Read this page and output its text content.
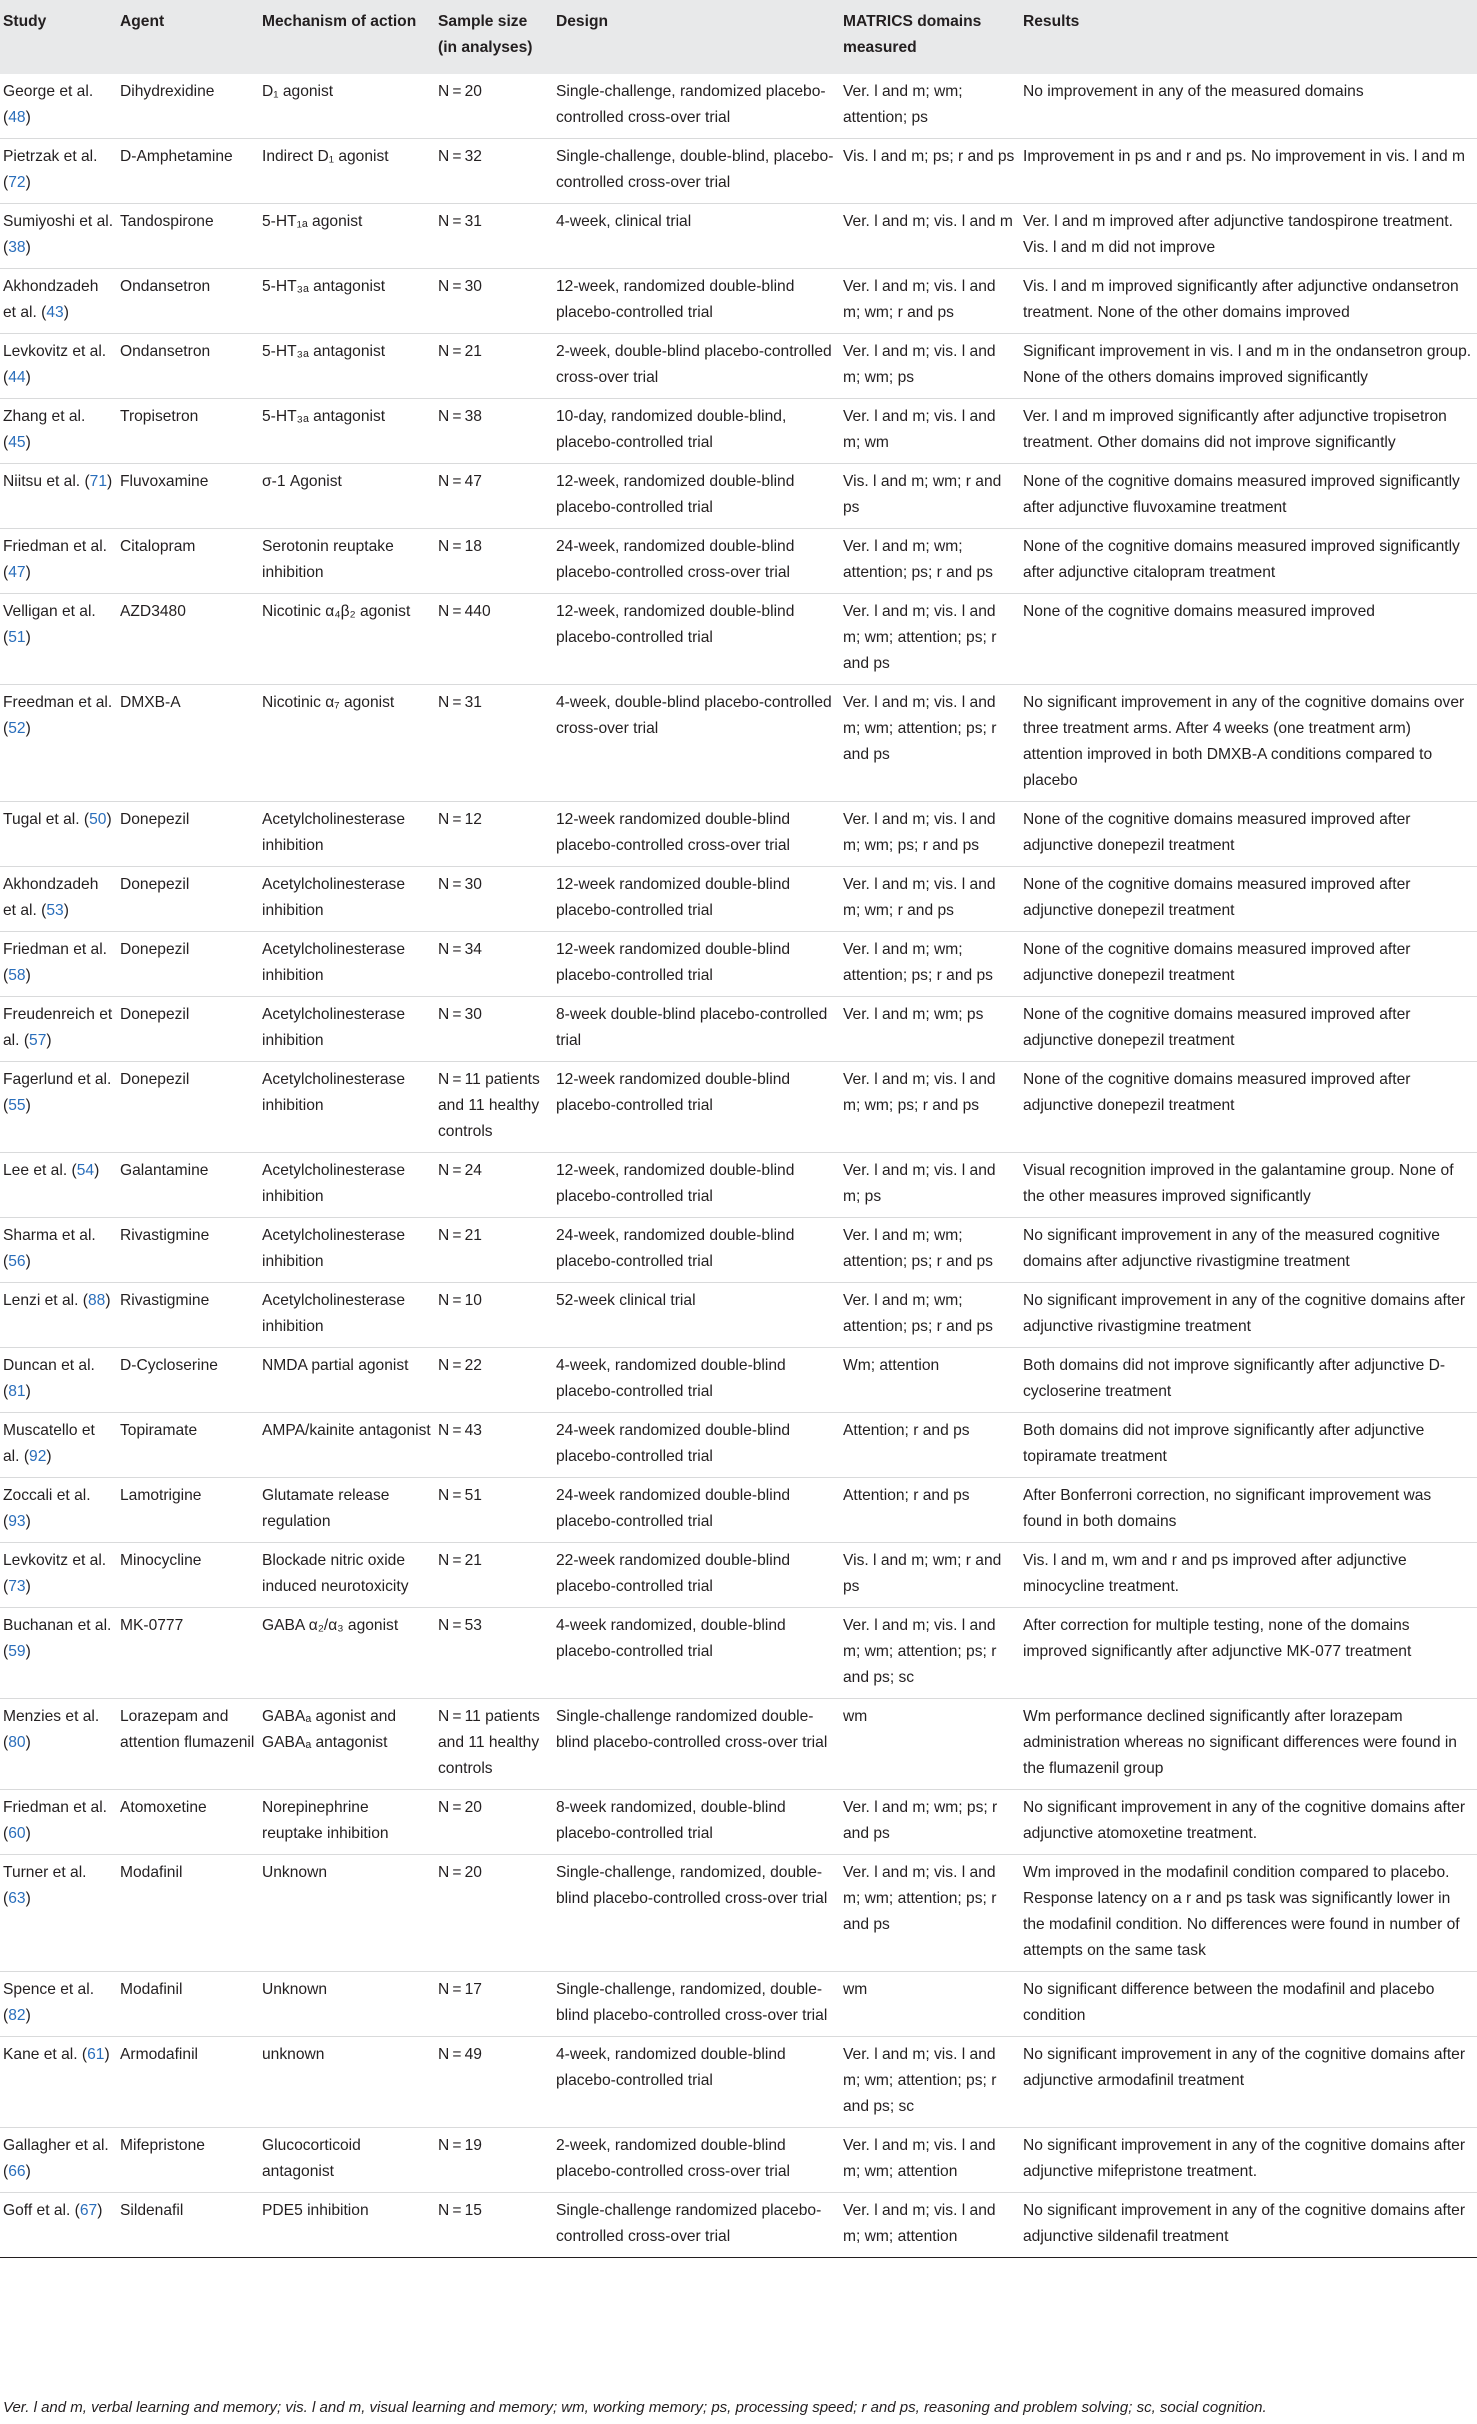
Study	Agent	Mechanism of action	Sample size (in analyses)	Design	MATRICS domains measured	Results
George et al. (48)	Dihydrexidine	D₁ agonist	N = 20	Single-challenge, randomized placebo-controlled cross-over trial	Ver. l and m; wm; attention; ps	No improvement in any of the measured domains
Pietrzak et al. (72)	D-Amphetamine	Indirect D₁ agonist	N = 32	Single-challenge, double-blind, placebo-controlled cross-over trial	Vis. l and m; ps; r and ps	Improvement in ps and r and ps. No improvement in vis. l and m
Sumiyoshi et al. (38)	Tandospirone	5-HT₁ₐ agonist	N = 31	4-week, clinical trial	Ver. l and m; vis. l and m	Ver. l and m improved after adjunctive tandospirone treatment. Vis. l and m did not improve
Akhondzadeh et al. (43)	Ondansetron	5-HT₃ₐ antagonist	N = 30	12-week, randomized double-blind placebo-controlled trial	Ver. l and m; vis. l and m; wm; r and ps	Vis. l and m improved significantly after adjunctive ondansetron treatment. None of the other domains improved
Levkovitz et al. (44)	Ondansetron	5-HT₃ₐ antagonist	N = 21	2-week, double-blind placebo-controlled cross-over trial	Ver. l and m; vis. l and m; wm; ps	Significant improvement in vis. l and m in the ondansetron group. None of the others domains improved significantly
Zhang et al. (45)	Tropisetron	5-HT₃ₐ antagonist	N = 38	10-day, randomized double-blind, placebo-controlled trial	Ver. l and m; vis. l and m; wm	Ver. l and m improved significantly after adjunctive tropisetron treatment. Other domains did not improve significantly
Niitsu et al. (71)	Fluvoxamine	σ-1 Agonist	N = 47	12-week, randomized double-blind placebo-controlled trial	Vis. l and m; wm; r and ps	None of the cognitive domains measured improved significantly after adjunctive fluvoxamine treatment
Friedman et al. (47)	Citalopram	Serotonin reuptake inhibition	N = 18	24-week, randomized double-blind placebo-controlled cross-over trial	Ver. l and m; wm; attention; ps; r and ps	None of the cognitive domains measured improved significantly after adjunctive citalopram treatment
Velligan et al. (51)	AZD3480	Nicotinic α₄β₂ agonist	N = 440	12-week, randomized double-blind placebo-controlled trial	Ver. l and m; vis. l and m; wm; attention; ps; r and ps	None of the cognitive domains measured improved
Freedman et al. (52)	DMXB-A	Nicotinic α₇ agonist	N = 31	4-week, double-blind placebo-controlled cross-over trial	Ver. l and m; vis. l and m; wm; attention; ps; r and ps	No significant improvement in any of the cognitive domains over three treatment arms. After 4 weeks (one treatment arm) attention improved in both DMXB-A conditions compared to placebo
Tugal et al. (50)	Donepezil	Acetylcholinesterase inhibition	N = 12	12-week randomized double-blind placebo-controlled cross-over trial	Ver. l and m; vis. l and m; wm; ps; r and ps	None of the cognitive domains measured improved after adjunctive donepezil treatment
Akhondzadeh et al. (53)	Donepezil	Acetylcholinesterase inhibition	N = 30	12-week randomized double-blind placebo-controlled trial	Ver. l and m; vis. l and m; wm; r and ps	None of the cognitive domains measured improved after adjunctive donepezil treatment
Friedman et al. (58)	Donepezil	Acetylcholinesterase inhibition	N = 34	12-week randomized double-blind placebo-controlled trial	Ver. l and m; wm; attention; ps; r and ps	None of the cognitive domains measured improved after adjunctive donepezil treatment
Freudenreich et al. (57)	Donepezil	Acetylcholinesterase inhibition	N = 30	8-week double-blind placebo-controlled trial	Ver. l and m; wm; ps	None of the cognitive domains measured improved after adjunctive donepezil treatment
Fagerlund et al. (55)	Donepezil	Acetylcholinesterase inhibition	N = 11 patients and 11 healthy controls	12-week randomized double-blind placebo-controlled trial	Ver. l and m; vis. l and m; wm; ps; r and ps	None of the cognitive domains measured improved after adjunctive donepezil treatment
Lee et al. (54)	Galantamine	Acetylcholinesterase inhibition	N = 24	12-week, randomized double-blind placebo-controlled trial	Ver. l and m; vis. l and m; ps	Visual recognition improved in the galantamine group. None of the other measures improved significantly
Sharma et al. (56)	Rivastigmine	Acetylcholinesterase inhibition	N = 21	24-week, randomized double-blind placebo-controlled trial	Ver. l and m; wm; attention; ps; r and ps	No significant improvement in any of the measured cognitive domains after adjunctive rivastigmine treatment
Lenzi et al. (88)	Rivastigmine	Acetylcholinesterase inhibition	N = 10	52-week clinical trial	Ver. l and m; wm; attention; ps; r and ps	No significant improvement in any of the cognitive domains after adjunctive rivastigmine treatment
Duncan et al. (81)	D-Cycloserine	NMDA partial agonist	N = 22	4-week, randomized double-blind placebo-controlled trial	Wm; attention	Both domains did not improve significantly after adjunctive D-cycloserine treatment
Muscatello et al. (92)	Topiramate	AMPA/kainite antagonist	N = 43	24-week randomized double-blind placebo-controlled trial	Attention; r and ps	Both domains did not improve significantly after adjunctive topiramate treatment
Zoccali et al. (93)	Lamotrigine	Glutamate release regulation	N = 51	24-week randomized double-blind placebo-controlled trial	Attention; r and ps	After Bonferroni correction, no significant improvement was found in both domains
Levkovitz et al. (73)	Minocycline	Blockade nitric oxide induced neurotoxicity	N = 21	22-week randomized double-blind placebo-controlled trial	Vis. l and m; wm; r and ps	Vis. l and m, wm and r and ps improved after adjunctive minocycline treatment.
Buchanan et al. (59)	MK-0777	GABA α₂/α₃ agonist	N = 53	4-week randomized, double-blind placebo-controlled trial	Ver. l and m; vis. l and m; wm; attention; ps; r and ps; sc	After correction for multiple testing, none of the domains improved significantly after adjunctive MK-077 treatment
Menzies et al. (80)	Lorazepam and attention flumazenil	GABAₐ agonist and GABAₐ antagonist	N = 11 patients and 11 healthy controls	Single-challenge randomized double-blind placebo-controlled cross-over trial	wm	Wm performance declined significantly after lorazepam administration whereas no significant differences were found in the flumazenil group
Friedman et al. (60)	Atomoxetine	Norepinephrine reuptake inhibition	N = 20	8-week randomized, double-blind placebo-controlled trial	Ver. l and m; wm; ps; r and ps	No significant improvement in any of the cognitive domains after adjunctive atomoxetine treatment.
Turner et al. (63)	Modafinil	Unknown	N = 20	Single-challenge, randomized, double-blind placebo-controlled cross-over trial	Ver. l and m; vis. l and m; wm; attention; ps; r and ps	Wm improved in the modafinil condition compared to placebo. Response latency on a r and ps task was significantly lower in the modafinil condition. No differences were found in number of attempts on the same task
Spence et al. (82)	Modafinil	Unknown	N = 17	Single-challenge, randomized, double-blind placebo-controlled cross-over trial	wm	No significant difference between the modafinil and placebo condition
Kane et al. (61)	Armodafinil	unknown	N = 49	4-week, randomized double-blind placebo-controlled trial	Ver. l and m; vis. l and m; wm; attention; ps; r and ps; sc	No significant improvement in any of the cognitive domains after adjunctive armodafinil treatment
Gallagher et al. (66)	Mifepristone	Glucocorticoid antagonist	N = 19	2-week, randomized double-blind placebo-controlled cross-over trial	Ver. l and m; vis. l and m; wm; attention	No significant improvement in any of the cognitive domains after adjunctive mifepristone treatment.
Goff et al. (67)	Sildenafil	PDE5 inhibition	N = 15	Single-challenge randomized placebo-controlled cross-over trial	Ver. l and m; vis. l and m; wm; attention	No significant improvement in any of the cognitive domains after adjunctive sildenafil treatment
Ver. l and m, verbal learning and memory; vis. l and m, visual learning and memory; wm, working memory; ps, processing speed; r and ps, reasoning and problem solving; sc, social cognition.
